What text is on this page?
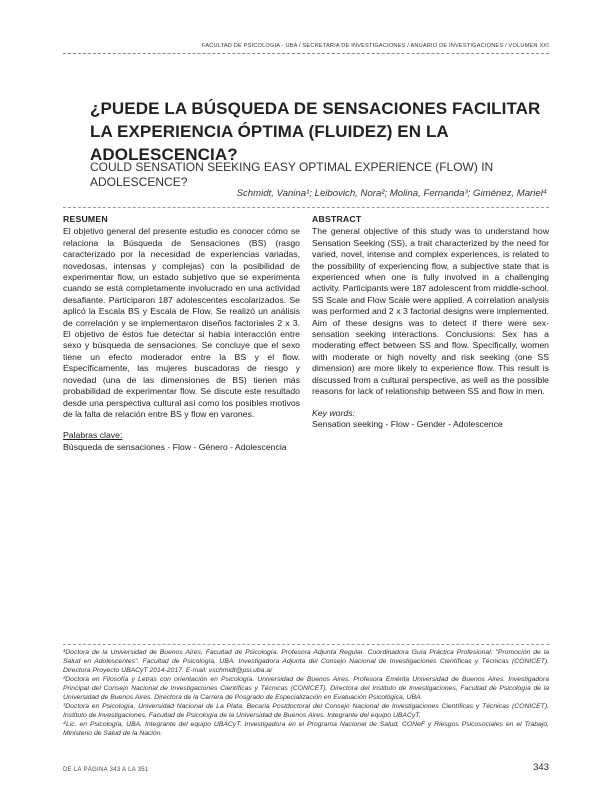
FACULTAD DE PSICOLOGÍA - UBA / SECRETARÍA DE INVESTIGACIONES / ANUARIO DE INVESTIGACIONES / VOLUMEN XXI
¿PUEDE LA BÚSQUEDA DE SENSACIONES FACILITAR LA EXPERIENCIA ÓPTIMA (FLUIDEZ) EN LA ADOLESCENCIA?
COULD SENSATION SEEKING EASY OPTIMAL EXPERIENCE (FLOW) IN ADOLESCENCE?
Schmidt, Vanina¹; Leibovich, Nora²; Molina, Fernanda³; Giménez, Mariel⁴
RESUMEN

El objetivo general del presente estudio es conocer cómo se relaciona la Búsqueda de Sensaciones (BS) (rasgo caracterizado por la necesidad de experiencias variadas, novedosas, intensas y complejas) con la posibilidad de experimentar flow, un estado subjetivo que se experimenta cuando se está completamente involucrado en una actividad desafiante. Participaron 187 adolescentes escolarizados. Se aplicó la Escala BS y Escala de Flow. Se realizó un análisis de correlación y se implementaron diseños factoriales 2 x 3. El objetivo de éstos fue detectar si había interacción entre sexo y búsqueda de sensaciones. Se concluye que el sexo tiene un efecto moderador entre la BS y el flow. Específicamente, las mujeres buscadoras de riesgo y novedad (una de las dimensiones de BS) tienen más probabilidad de experimentar flow. Se discute este resultado desde una perspectiva cultural así como los posibles motivos de la falta de relación entre BS y flow en varones.

Palabras clave:
Búsqueda de sensaciones - Flow - Género - Adolescencia
ABSTRACT

The general objective of this study was to understand how Sensation Seeking (SS), a trait characterized by the need for varied, novel, intense and complex experiences, is related to the possibility of experiencing flow, a subjective state that is experienced when one is fully involved in a challenging activity. Participants were 187 adolescent from middle-school. SS Scale and Flow Scale were applied. A correlation analysis was performed and 2 x 3 factorial designs were implemented. Aim of these designs was to detect if there were sex-sensation seeking interactions. Conclusions: Sex has a moderating effect between SS and flow. Specifically, women with moderate or high novelty and risk seeking (one SS dimension) are more likely to experience flow. This result is discussed from a cultural perspective, as well as the possible reasons for lack of relationship between SS and flow in men.

Key words:
Sensation seeking - Flow - Gender - Adolescence

¹Doctora de la Universidad de Buenos Aires, Facultad de Psicología. Profesora Adjunta Regular. Coordinadora Guía Práctica Profesional: "Promoción de la Salud en Adolescentes". Facultad de Psicología, UBA. Investigadora Adjunta del Consejo Nacional de Investigaciones Científicas y Técnicas (CONICET). Directora Proyecto UBACyT 2014-2017. E-mail: vschmidt@psi.uba.ar

²Doctora en Filosofía y Letras con orientación en Psicología. Universidad de Buenos Aires. Profesora Emérita Universidad de Buenos Aires. Investigadora Principal del Consejo Nacional de Investigaciones Científicas y Técnicas (CONICET). Directora del Instituto de Investigaciones, Facultad de Psicología de la Universidad de Buenos Aires. Directora de la Carrera de Posgrado de Especialización en Evaluación Psicológica, UBA.

³Doctora en Psicología, Universidad Nacional de La Plata. Becaria Postdoctoral del Consejo Nacional de Investigaciones Científicas y Técnicas (CONICET). Instituto de Investigaciones, Facultad de Psicología de la Universidad de Buenos Aires. Integrante del equipo UBACyT.

⁴Lic. en Psicología, UBA. Integrante del equipo UBACyT. Investigadora en el Programa Nacional de Salud, CONeF y Riesgos Psicosociales en el Trabajo, Ministerio de Salud de la Nación.

DE LA PÁGINA 343 A LA 351	343
